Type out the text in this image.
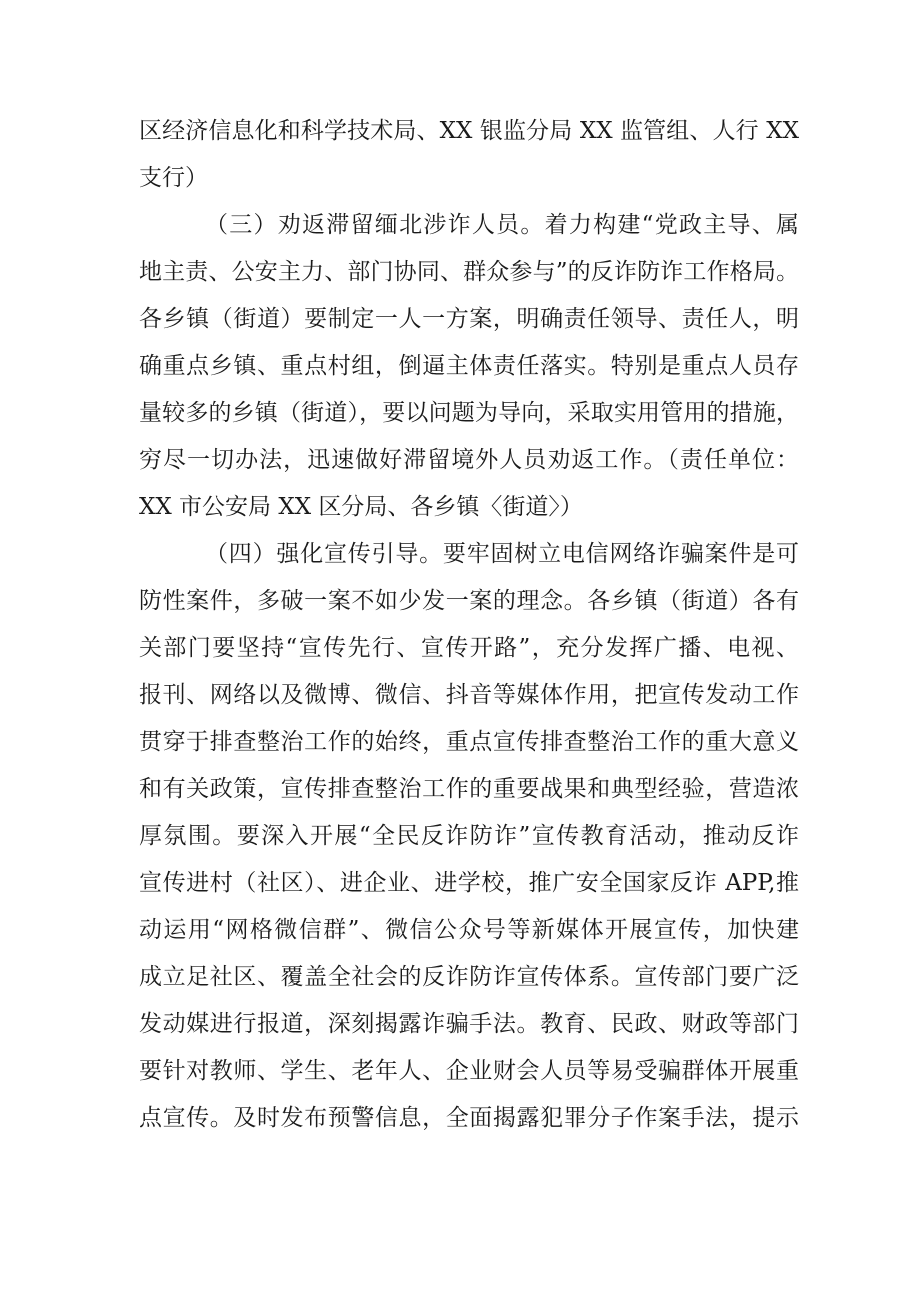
区经济信息化和科学技术局、XX 银监分局 XX 监管组、人行 XX
支行）
（三）劝返滞留缅北涉诈人员。着力构建“党政主导、属
地主责、公安主力、部门协同、群众参与”的反诈防诈工作格局。
各乡镇（街道）要制定一人一方案，明确责任领导、责任人，明
确重点乡镇、重点村组，倒逼主体责任落实。特别是重点人员存
量较多的乡镇（街道），要以问题为导向，采取实用管用的措施，
穷尽一切办法，迅速做好滞留境外人员劝返工作。（责任单位：
XX 市公安局 XX 区分局、各乡镇〈街道〉）
（四）强化宣传引导。要牢固树立电信网络诈骗案件是可
防性案件，多破一案不如少发一案的理念。各乡镇（街道）各有
关部门要坚持“宣传先行、宣传开路”，充分发挥广播、电视、
报刊、网络以及微博、微信、抖音等媒体作用，把宣传发动工作
贯穿于排查整治工作的始终，重点宣传排查整治工作的重大意义
和有关政策，宣传排查整治工作的重要战果和典型经验，营造浓
厚氛围。要深入开展“全民反诈防诈”宣传教育活动，推动反诈
宣传进村（社区）、进企业、进学校，推广安全国家反诈 APP,推
动运用“网格微信群”、微信公众号等新媒体开展宣传，加快建
成立足社区、覆盖全社会的反诈防诈宣传体系。宣传部门要广泛
发动媒进行报道，深刻揭露诈骗手法。教育、民政、财政等部门
要针对教师、学生、老年人、企业财会人员等易受骗群体开展重
点宣传。及时发布预警信息，全面揭露犯罪分子作案手法，提示
